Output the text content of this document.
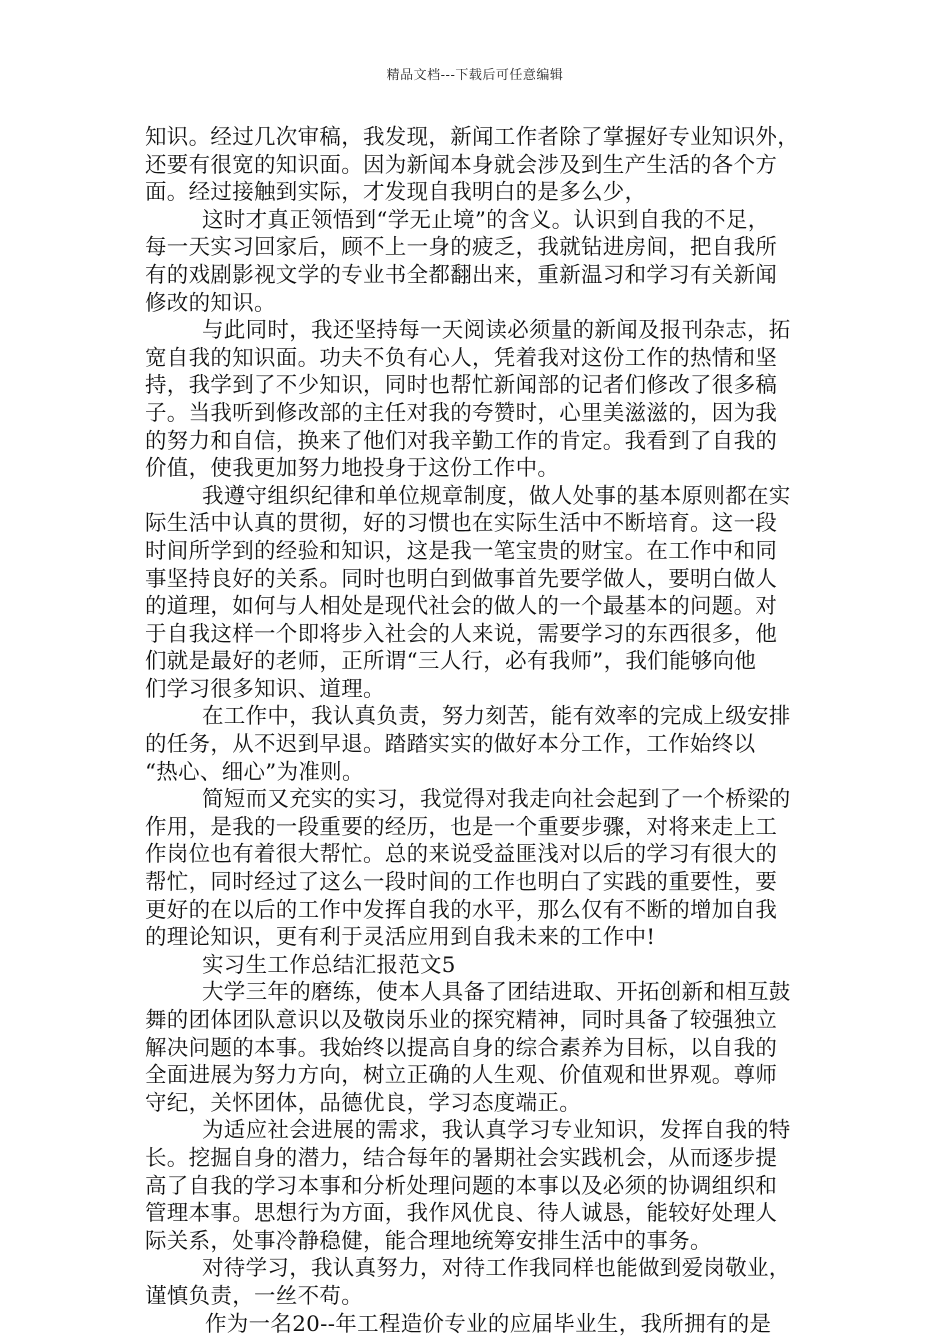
精品文档---下载后可任意编辑
知识。经过几次审稿，我发现，新闻工作者除了掌握好专业知识外，
还要有很宽的知识面。因为新闻本身就会涉及到生产生活的各个方
面。经过接触到实际，才发现自我明白的是多么少，
这时才真正领悟到“学无止境”的含义。认识到自我的不足，
每一天实习回家后，顾不上一身的疲乏，我就钻进房间，把自我所
有的戏剧影视文学的专业书全都翻出来，重新温习和学习有关新闻
修改的知识。
与此同时，我还坚持每一天阅读必须量的新闻及报刊杂志，拓
宽自我的知识面。功夫不负有心人，凭着我对这份工作的热情和坚
持，我学到了不少知识，同时也帮忙新闻部的记者们修改了很多稿
子。当我听到修改部的主任对我的夸赞时，心里美滋滋的，因为我
的努力和自信，换来了他们对我辛勤工作的肯定。我看到了自我的
价值，使我更加努力地投身于这份工作中。
我遵守组织纪律和单位规章制度，做人处事的基本原则都在实
际生活中认真的贯彻，好的习惯也在实际生活中不断培育。这一段
时间所学到的经验和知识，这是我一笔宝贵的财宝。在工作中和同
事坚持良好的关系。同时也明白到做事首先要学做人，要明白做人
的道理，如何与人相处是现代社会的做人的一个最基本的问题。对
于自我这样一个即将步入社会的人来说，需要学习的东西很多，他
们就是最好的老师，正所谓“三人行，必有我师”，我们能够向他
们学习很多知识、道理。
在工作中，我认真负责，努力刻苦，能有效率的完成上级安排
的任务，从不迟到早退。踏踏实实的做好本分工作，工作始终以
“热心、细心”为准则。
简短而又充实的实习，我觉得对我走向社会起到了一个桥梁的
作用，是我的一段重要的经历，也是一个重要步骤，对将来走上工
作岗位也有着很大帮忙。总的来说受益匪浅对以后的学习有很大的
帮忙，同时经过了这么一段时间的工作也明白了实践的重要性，要
更好的在以后的工作中发挥自我的水平，那么仅有不断的增加自我
的理论知识，更有利于灵活应用到自我未来的工作中!
实习生工作总结汇报范文5
大学三年的磨练，使本人具备了团结进取、开拓创新和相互鼓
舞的团体团队意识以及敬岗乐业的探究精神，同时具备了较强独立
解决问题的本事。我始终以提高自身的综合素养为目标，以自我的
全面进展为努力方向，树立正确的人生观、价值观和世界观。尊师
守纪，关怀团体，品德优良，学习态度端正。
为适应社会进展的需求，我认真学习专业知识，发挥自我的特
长。挖掘自身的潜力，结合每年的暑期社会实践机会，从而逐步提
高了自我的学习本事和分析处理问题的本事以及必须的协调组织和
管理本事。思想行为方面，我作风优良、待人诚恳，能较好处理人
际关系，处事冷静稳健，能合理地统筹安排生活中的事务。
对待学习，我认真努力，对待工作我同样也能做到爱岗敬业，
谨慎负责，一丝不苟。
作为一名20--年工程造价专业的应届毕业生，我所拥有的是
